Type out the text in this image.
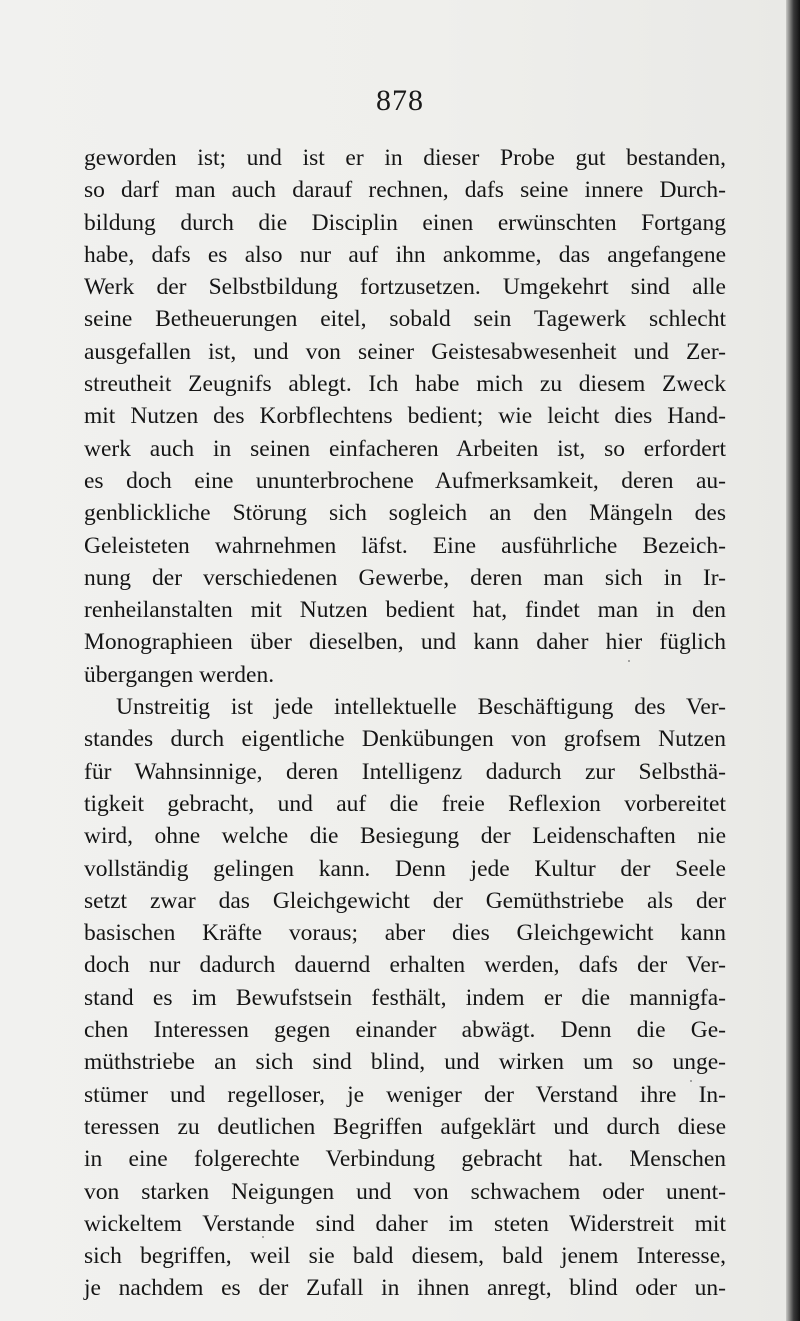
878
geworden ist; und ist er in dieser Probe gut bestanden,
so darf man auch darauf rechnen, dafs seine innere Durch-
bildung durch die Disciplin einen erwünschten Fortgang
habe, dafs es also nur auf ihn ankomme, das angefangene
Werk der Selbstbildung fortzusetzen. Umgekehrt sind alle
seine Betheuerungen eitel, sobald sein Tagewerk schlecht
ausgefallen ist, und von seiner Geistesabwesenheit und Zer-
streutheit Zeugnifs ablegt. Ich habe mich zu diesem Zweck
mit Nutzen des Korbflechtens bedient; wie leicht dies Hand-
werk auch in seinen einfacheren Arbeiten ist, so erfordert
es doch eine ununterbrochene Aufmerksamkeit, deren au-
genblickliche Störung sich sogleich an den Mängeln des
Geleisteten wahrnehmen läfst. Eine ausführliche Bezeich-
nung der verschiedenen Gewerbe, deren man sich in Ir-
renheilanstalten mit Nutzen bedient hat, findet man in den
Monographieen über dieselben, und kann daher hier füglich
übergangen werden.
Unstreitig ist jede intellektuelle Beschäftigung des Ver-
standes durch eigentliche Denkübungen von grofsem Nutzen
für Wahnsinnige, deren Intelligenz dadurch zur Selbsthä-
tigkeit gebracht, und auf die freie Reflexion vorbereitet
wird, ohne welche die Besiegung der Leidenschaften nie
vollständig gelingen kann. Denn jede Kultur der Seele
setzt zwar das Gleichgewicht der Gemüthstriebe als der
basischen Kräfte voraus; aber dies Gleichgewicht kann
doch nur dadurch dauernd erhalten werden, dafs der Ver-
stand es im Bewufstsein festhält, indem er die mannigfa-
chen Interessen gegen einander abwägt. Denn die Ge-
müthstriebe an sich sind blind, und wirken um so unge-
stümer und regelloser, je weniger der Verstand ihre In-
teressen zu deutlichen Begriffen aufgeklärt und durch diese
in eine folgerechte Verbindung gebracht hat. Menschen
von starken Neigungen und von schwachem oder unent-
wickeltem Verstande sind daher im steten Widerstreit mit
sich begriffen, weil sie bald diesem, bald jenem Interesse,
je nachdem es der Zufall in ihnen anregt, blind oder un-
